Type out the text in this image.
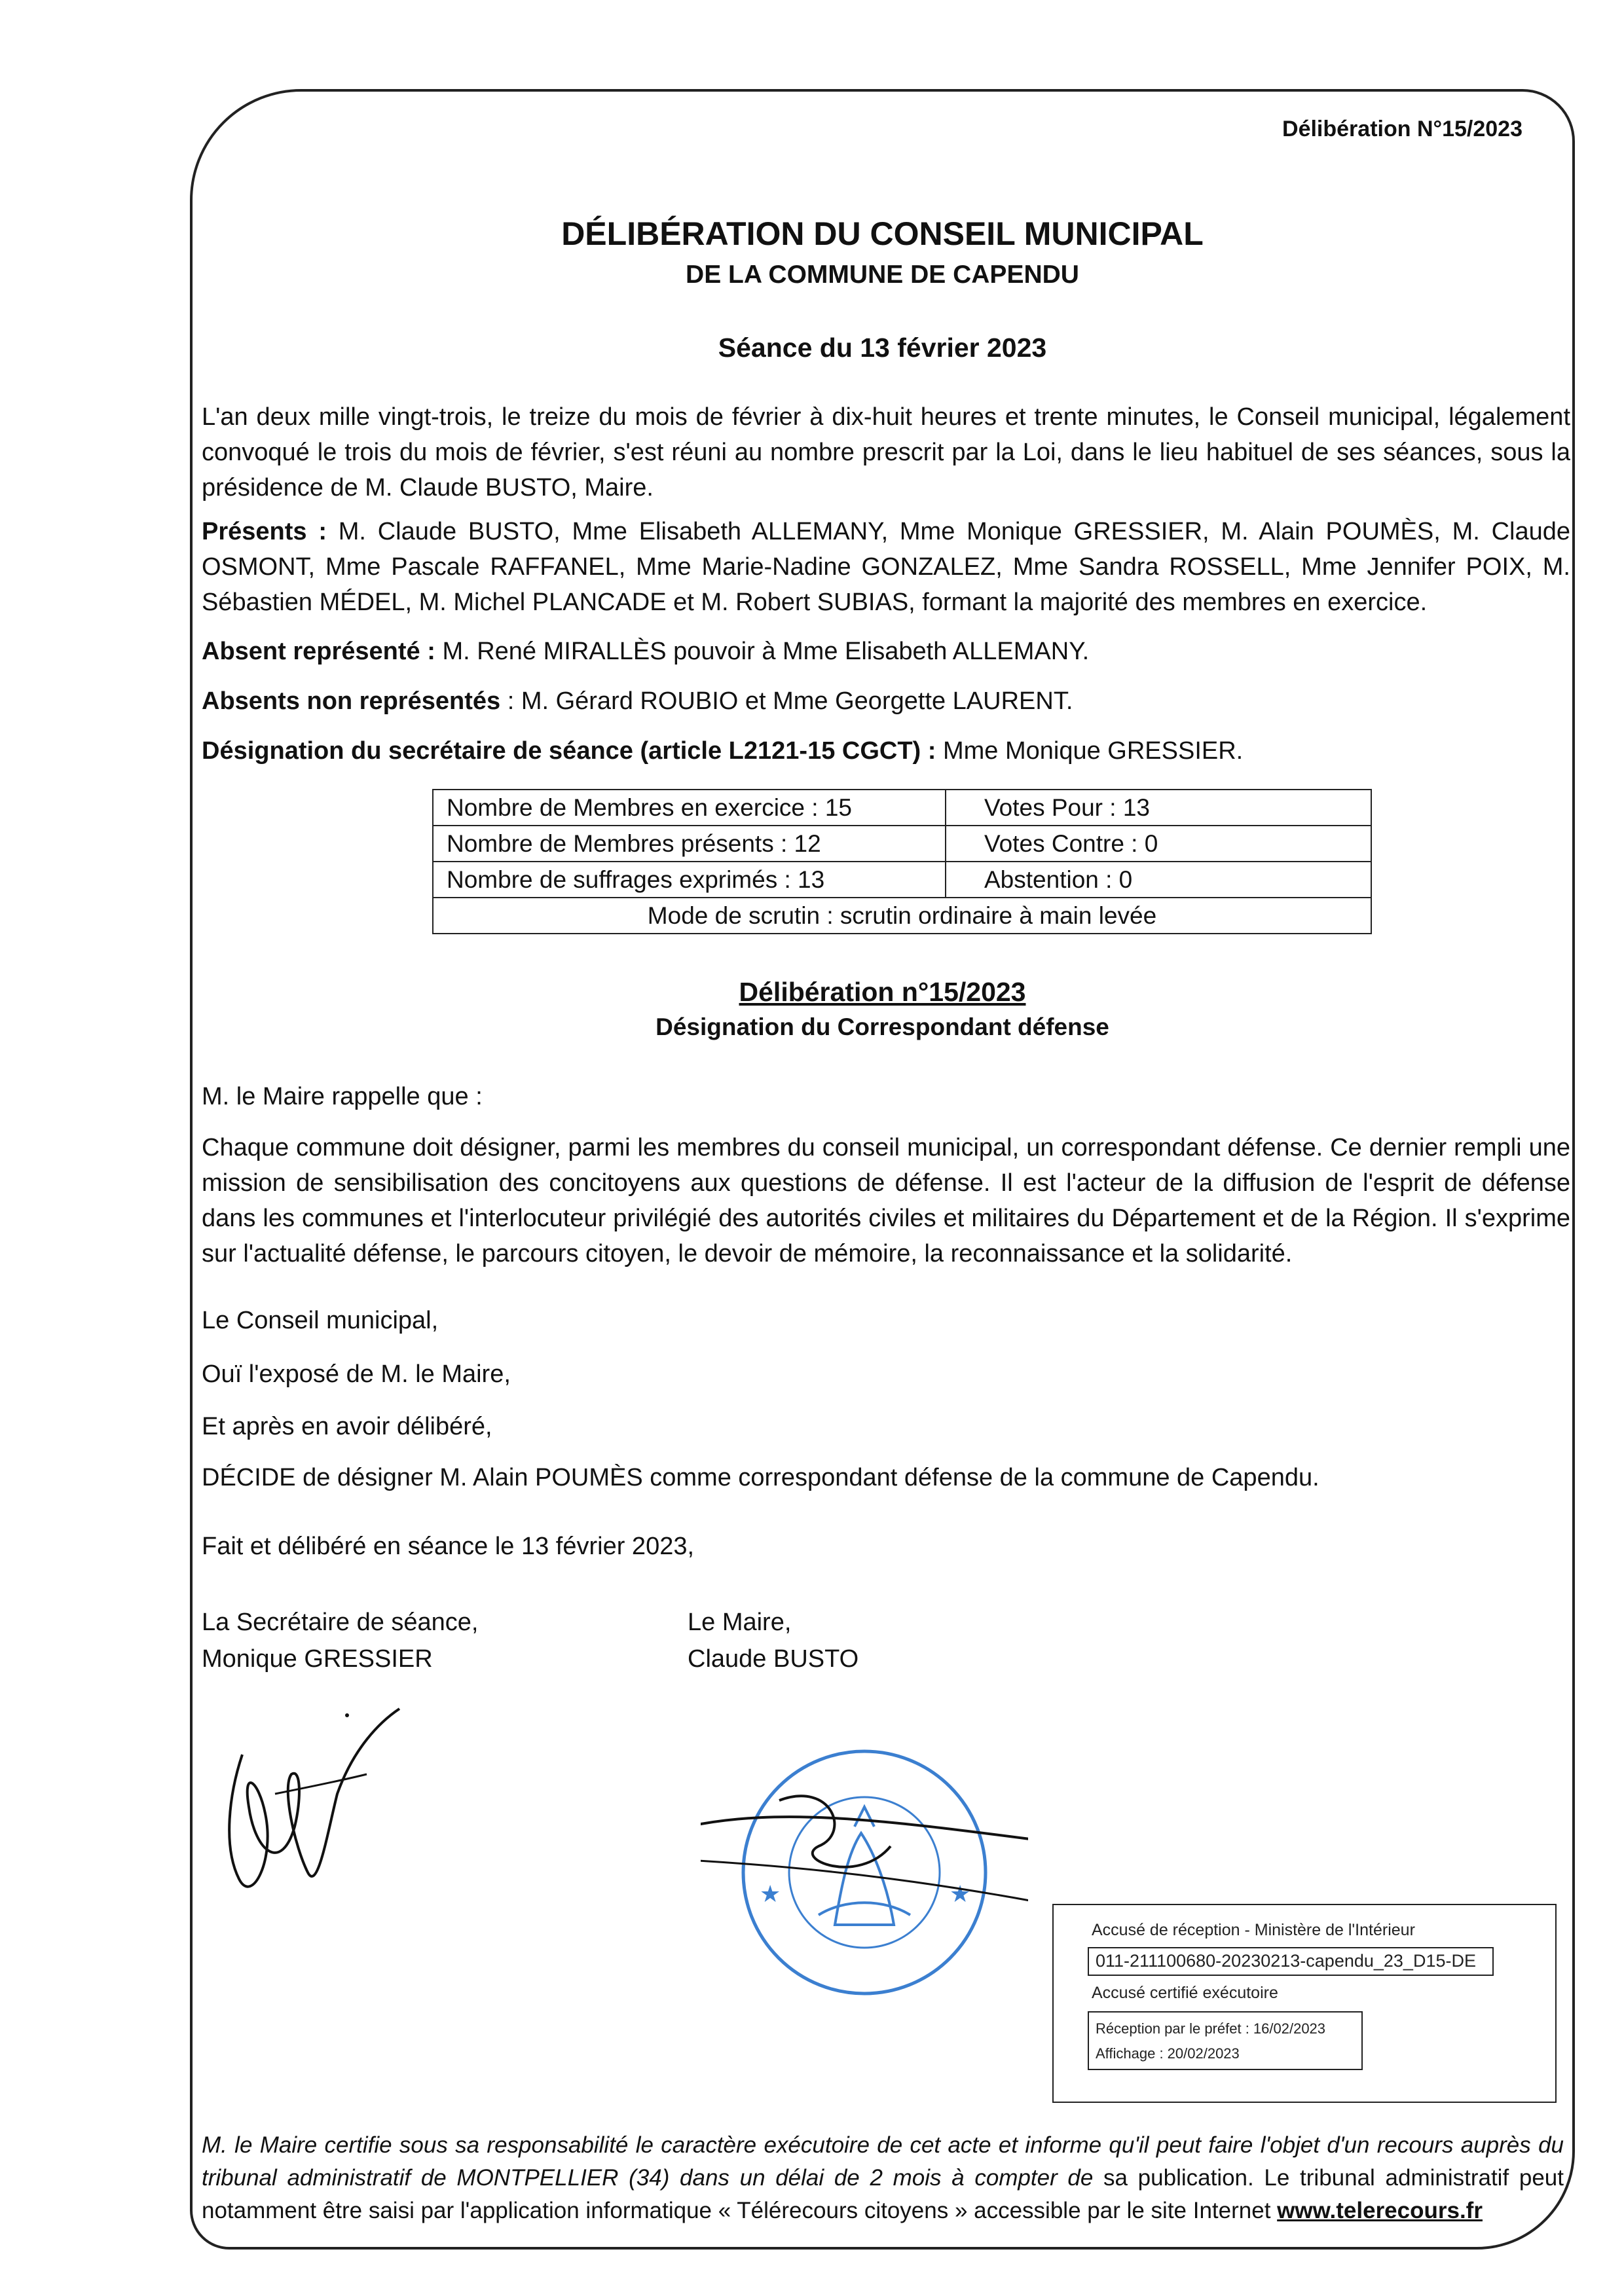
Délibération N°15/2023
DÉLIBÉRATION DU CONSEIL MUNICIPAL
DE LA COMMUNE DE CAPENDU
Séance du 13 février 2023
L'an deux mille vingt-trois, le treize du mois de février à dix-huit heures et trente minutes, le Conseil municipal, légalement convoqué le trois du mois de février, s'est réuni au nombre prescrit par la Loi, dans le lieu habituel de ses séances, sous la présidence de M. Claude BUSTO, Maire.
Présents : M. Claude BUSTO, Mme Elisabeth ALLEMANY, Mme Monique GRESSIER, M. Alain POUMÈS, M. Claude OSMONT, Mme Pascale RAFFANEL, Mme Marie-Nadine GONZALEZ, Mme Sandra ROSSELL, Mme Jennifer POIX, M. Sébastien MÉDEL, M. Michel PLANCADE et M. Robert SUBIAS, formant la majorité des membres en exercice.
Absent représenté : M. René MIRALLÈS pouvoir à Mme Elisabeth ALLEMANY.
Absents non représentés : M. Gérard ROUBIO et Mme Georgette LAURENT.
Désignation du secrétaire de séance (article L2121-15 CGCT) : Mme Monique GRESSIER.
Nombre de Membres en exercice : 15	Votes Pour : 13
Nombre de Membres présents : 12	Votes Contre : 0
Nombre de suffrages exprimés : 13	Abstention : 0
Mode de scrutin : scrutin ordinaire à main levée	
Délibération n°15/2023
Désignation du Correspondant défense
M. le Maire rappelle que :
Chaque commune doit désigner, parmi les membres du conseil municipal, un correspondant défense. Ce dernier rempli une mission de sensibilisation des concitoyens aux questions de défense. Il est l'acteur de la diffusion de l'esprit de défense dans les communes et l'interlocuteur privilégié des autorités civiles et militaires du Département et de la Région. Il s'exprime sur l'actualité défense, le parcours citoyen, le devoir de mémoire, la reconnaissance et la solidarité.
Le Conseil municipal,
Ouï l'exposé de M. le Maire,
Et après en avoir délibéré,
DÉCIDE de désigner M. Alain POUMÈS comme correspondant défense de la commune de Capendu.
Fait et délibéré en séance le 13 février 2023,
La Secrétaire de séance,
Monique GRESSIER
Le Maire,
Claude BUSTO
★	★
Accusé de réception - Ministère de l'Intérieur
011-211100680-20230213-capendu_23_D15-DE
Accusé certifié exécutoire
Réception par le préfet : 16/02/2023
Affichage : 20/02/2023
M. le Maire certifie sous sa responsabilité le caractère exécutoire de cet acte et informe qu'il peut faire l'objet d'un recours auprès du tribunal administratif de MONTPELLIER (34) dans un délai de 2 mois à compter de sa publication. Le tribunal administratif peut notamment être saisi par l'application informatique « Télérecours citoyens » accessible par le site Internet www.telerecours.fr
